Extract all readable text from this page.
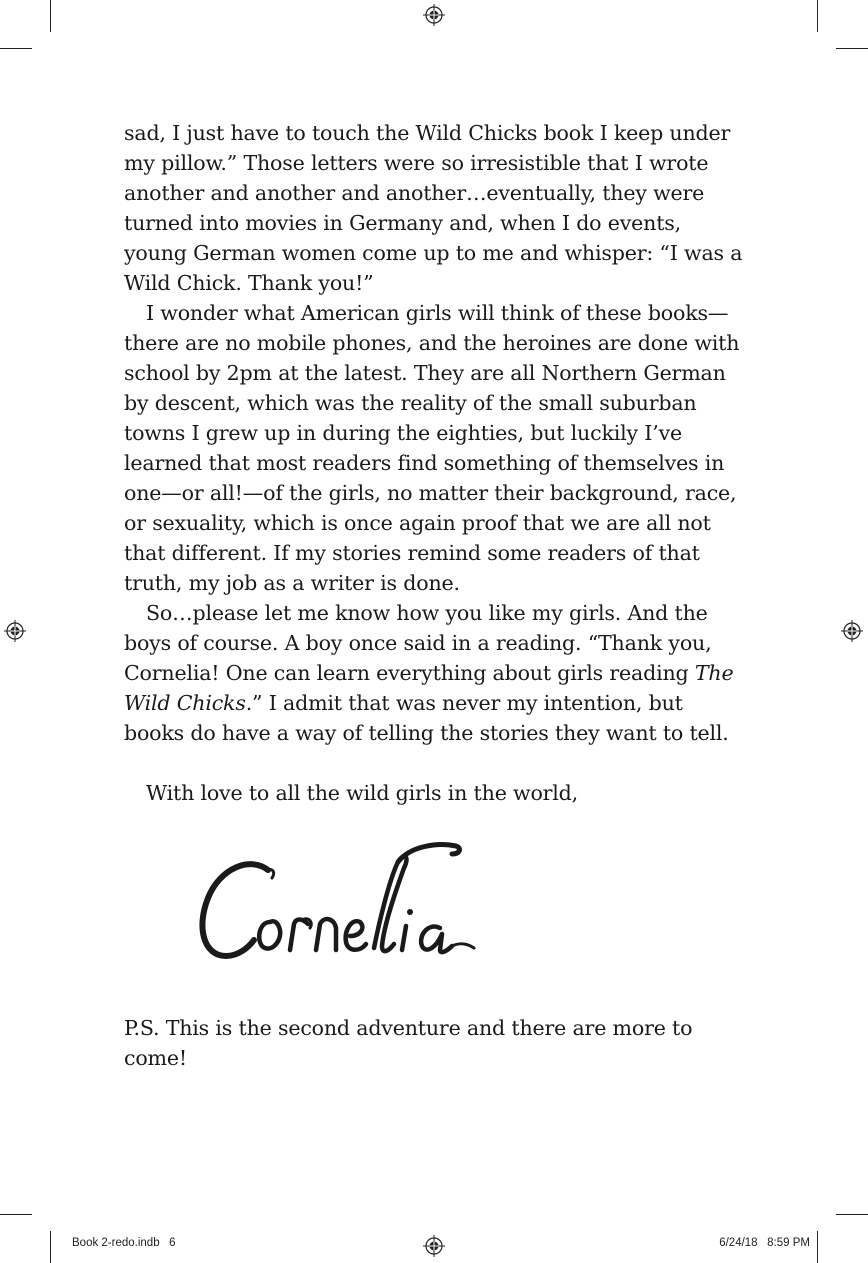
sad, I just have to touch the Wild Chicks book I keep under my pillow.” Those letters were so irresistible that I wrote another and another and another…eventually, they were turned into movies in Germany and, when I do events, young German women come up to me and whisper: “I was a Wild Chick. Thank you!”

I wonder what American girls will think of these books—there are no mobile phones, and the heroines are done with school by 2pm at the latest. They are all Northern German by descent, which was the reality of the small suburban towns I grew up in during the eighties, but luckily I’ve learned that most readers find something of themselves in one—or all!—of the girls, no matter their background, race, or sexuality, which is once again proof that we are all not that different. If my stories remind some readers of that truth, my job as a writer is done.

So…please let me know how you like my girls. And the boys of course. A boy once said in a reading. “Thank you, Cornelia! One can learn everything about girls reading The Wild Chicks.” I admit that was never my intention, but books do have a way of telling the stories they want to tell.

With love to all the wild girls in the world,

P.S. This is the second adventure and there are more to come!

Book 2-redo.indb   6	6/24/18   8:59 PM
